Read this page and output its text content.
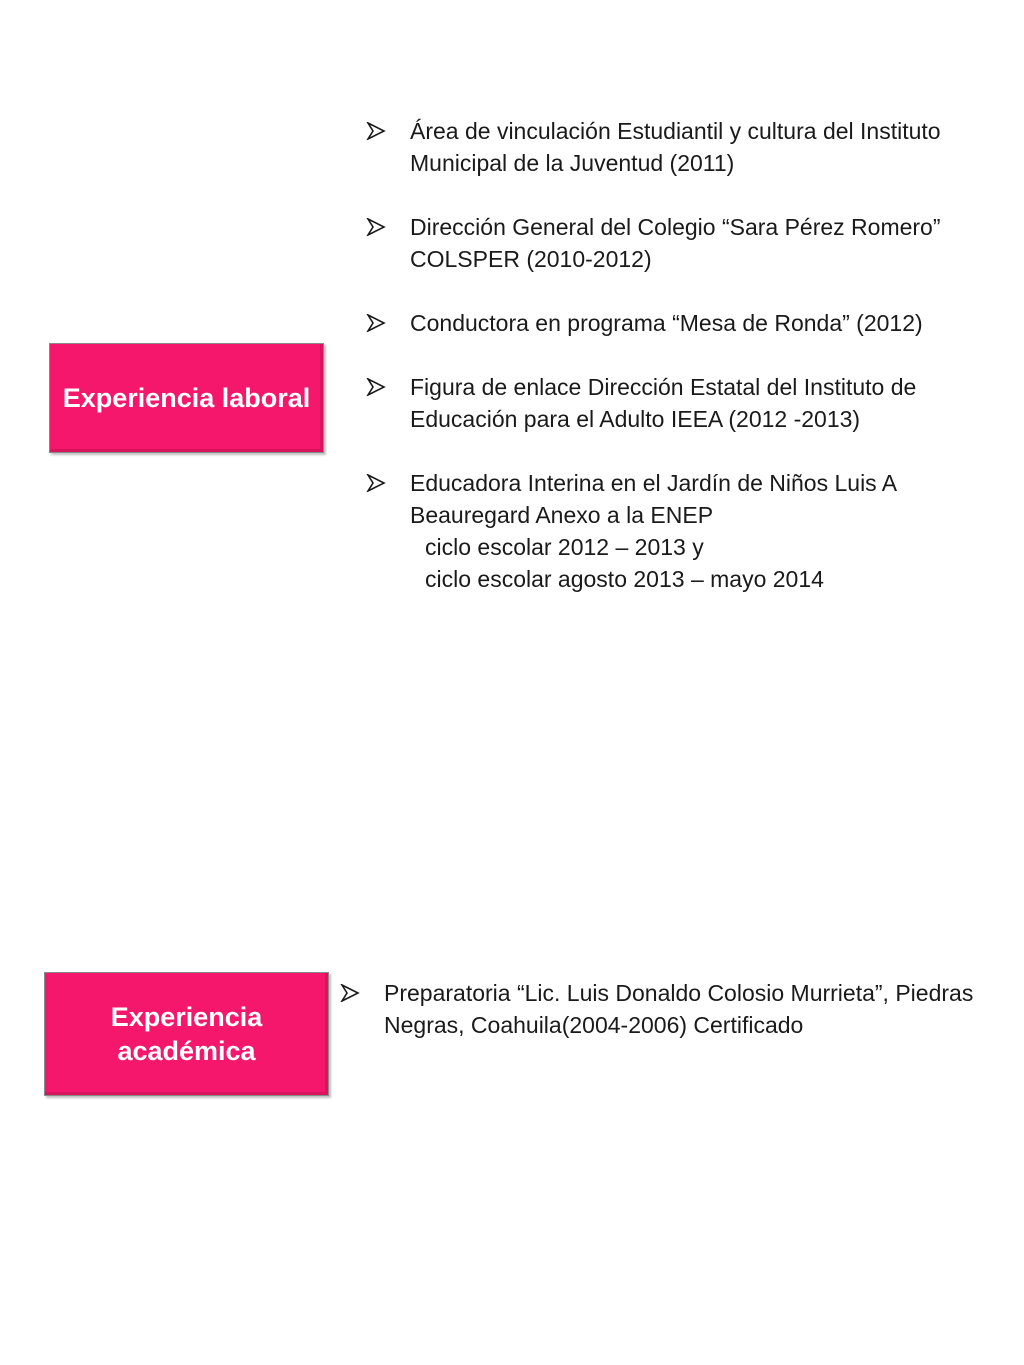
Experiencia laboral
Área de vinculación Estudiantil y cultura del Instituto
Municipal de la Juventud (2011)
Dirección General del Colegio “Sara Pérez Romero”
COLSPER (2010-2012)
Conductora en programa “Mesa de Ronda” (2012)
Figura de enlace Dirección Estatal del Instituto de
Educación para el Adulto IEEA (2012 -2013)
Educadora Interina en el Jardín de Niños Luis A
Beauregard Anexo a la ENEP
ciclo escolar 2012 – 2013 y
ciclo escolar agosto 2013 – mayo 2014
Experiencia
académica
Preparatoria “Lic. Luis Donaldo Colosio Murrieta”, Piedras
Negras, Coahuila(2004-2006) Certificado
